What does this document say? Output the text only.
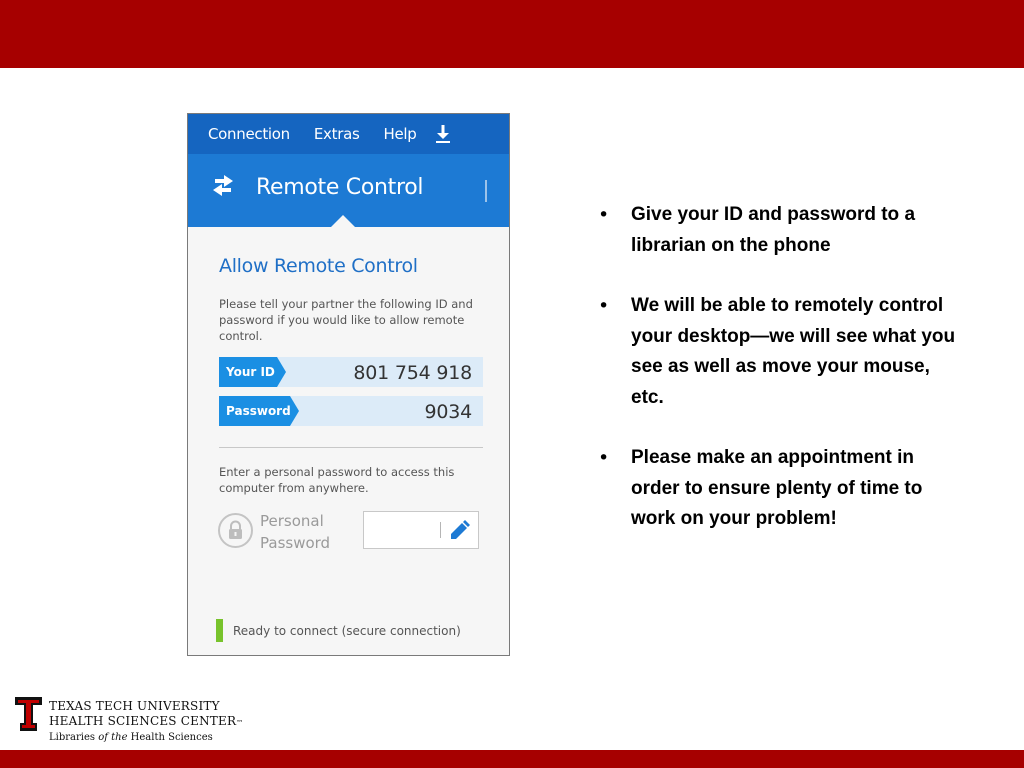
Connection Extras Help
Remote Control
Allow Remote Control
Please tell your partner the following ID and password if you would like to allow remote control.
Your ID	801 754 918
Password	9034
Enter a personal password to access this computer from anywhere.
Personal
Password
Ready to connect (secure connection)
• Give your ID and password to a librarian on the phone
• We will be able to remotely control your desktop—we will see what you see as well as move your mouse, etc.
• Please make an appointment in order to ensure plenty of time to work on your problem!
TEXAS TECH UNIVERSITY
HEALTH SCIENCES CENTER™
Libraries of the Health Sciences
